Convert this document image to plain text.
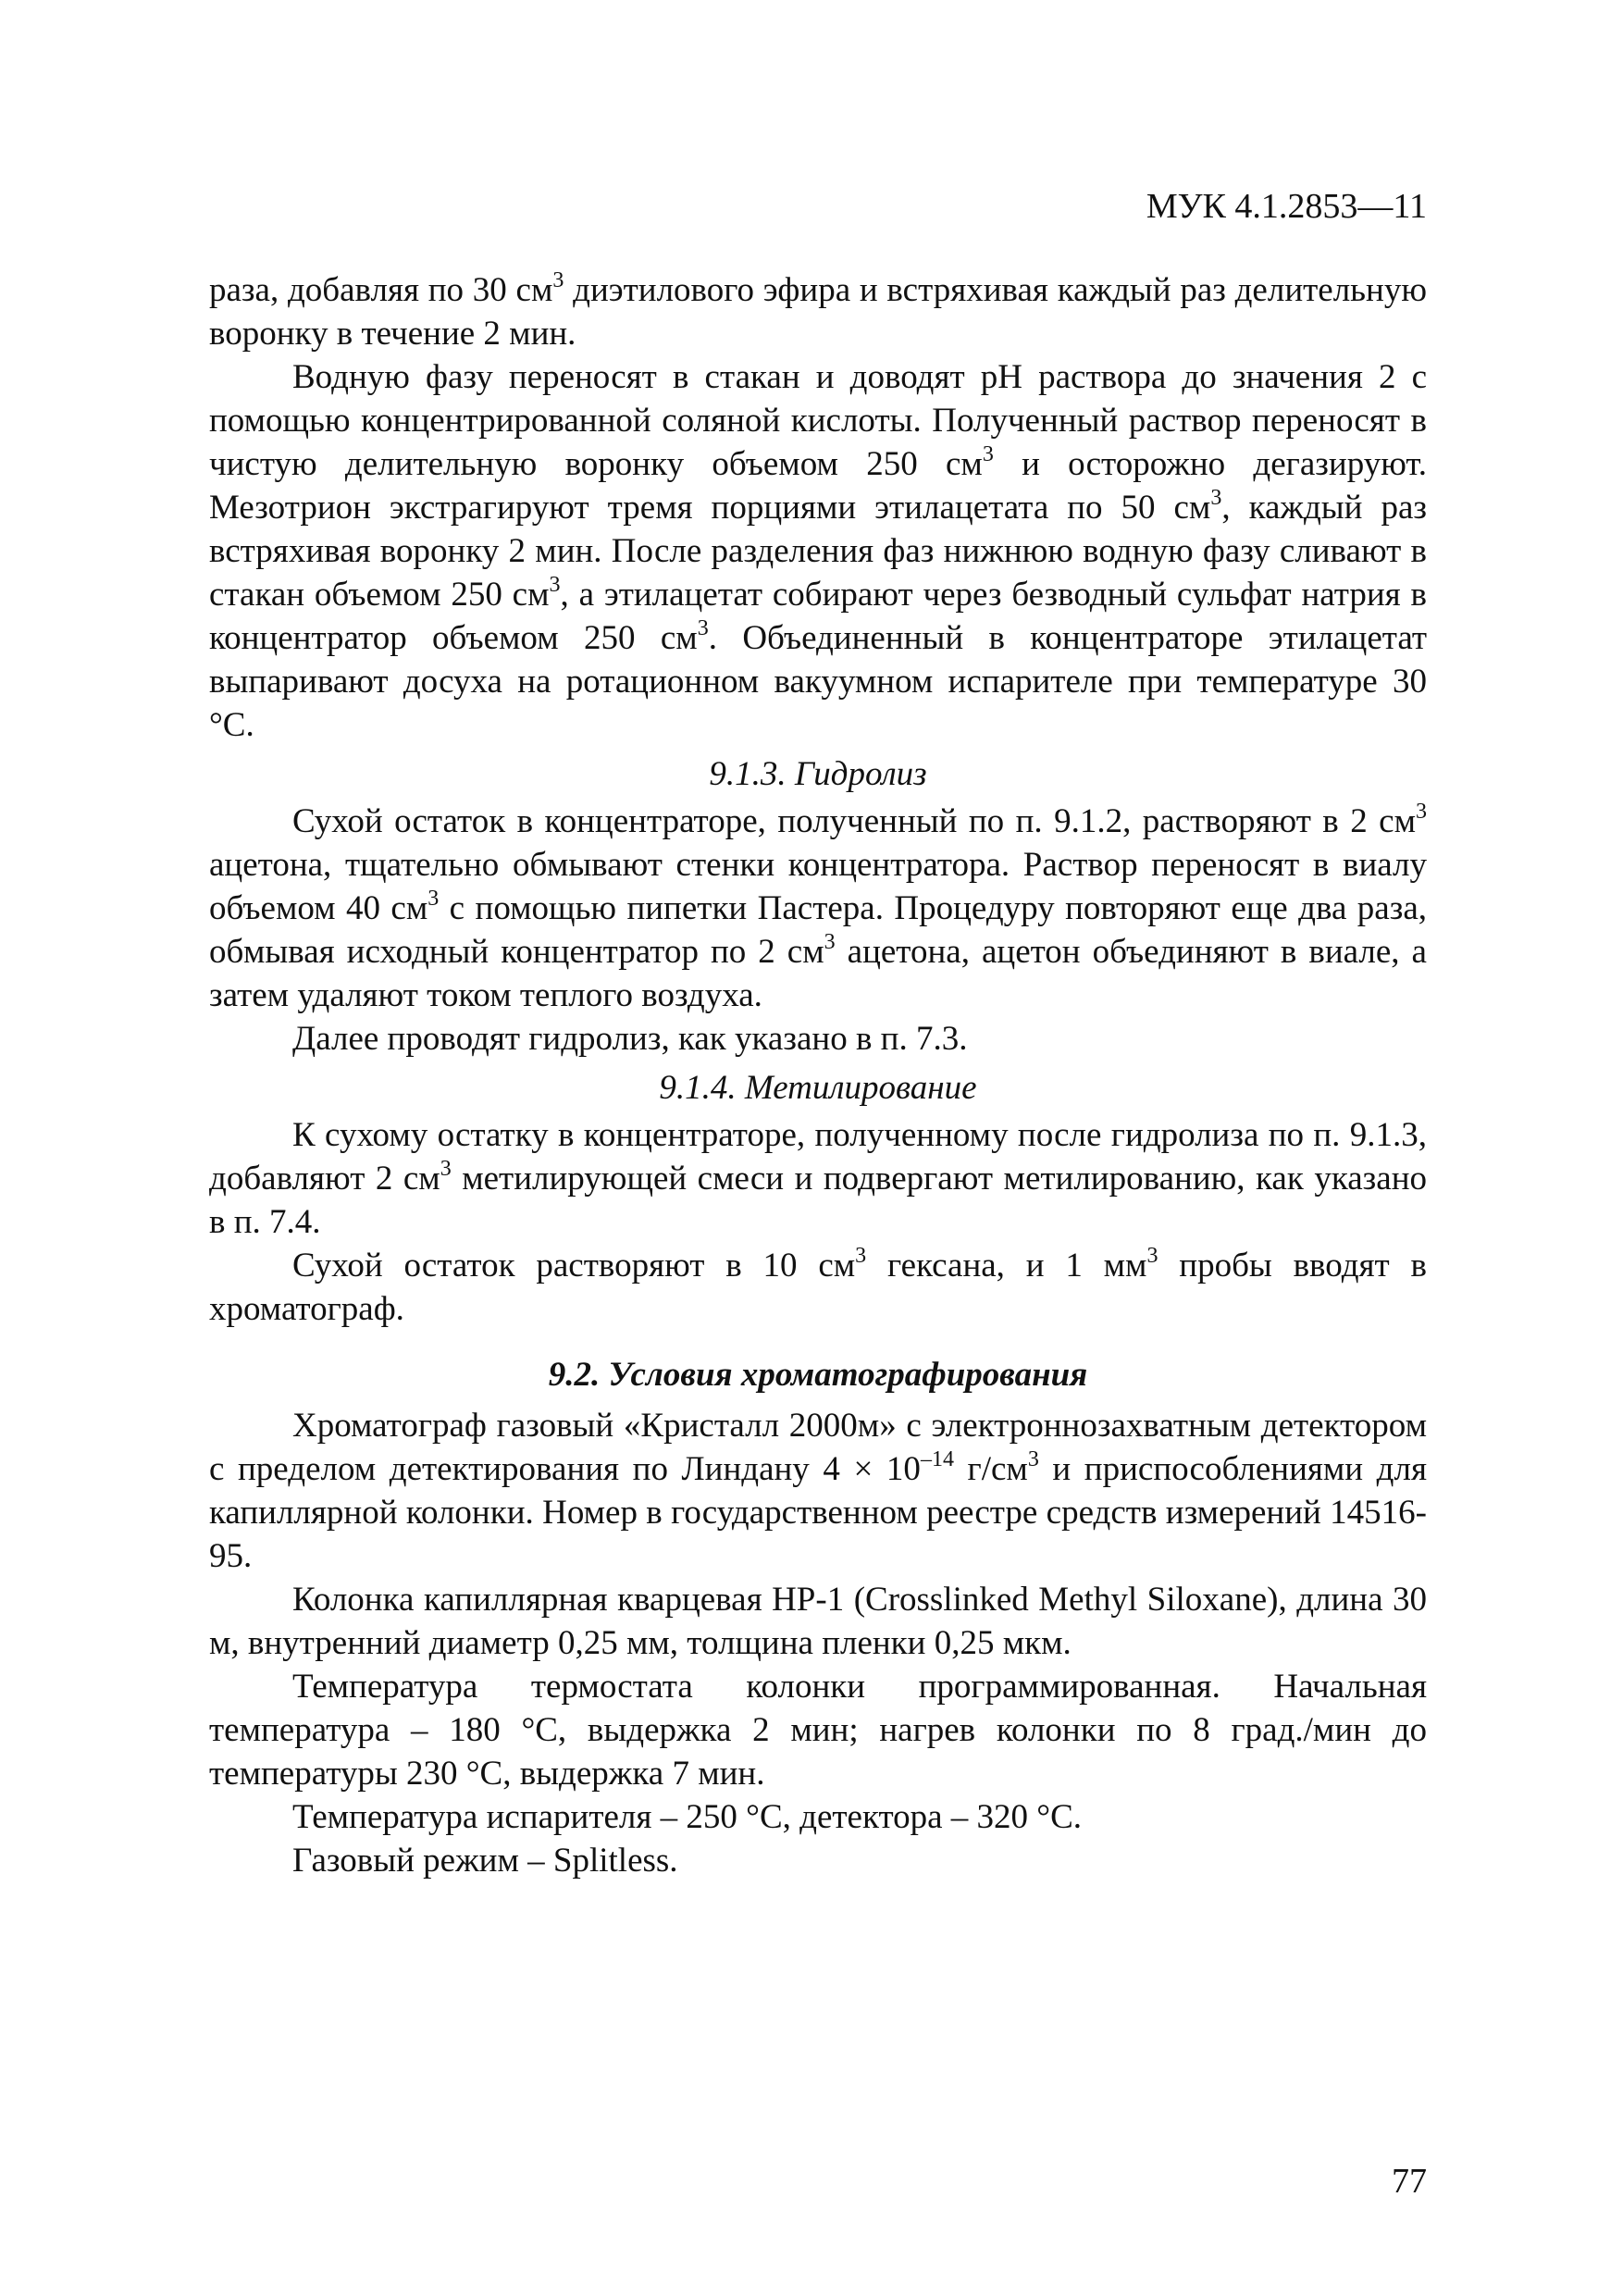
МУК 4.1.2853—11

раза, добавляя по 30 $см^3$ диэтилового эфира и встряхивая каждый раз делительную воронку в течение 2 мин.

Водную фазу переносят в стакан и доводят pH раствора до значения 2 с помощью концентрированной соляной кислоты. Полученный раствор переносят в чистую делительную воронку объемом 250 $см^3$ и осторожно дегазируют. Мезотрион экстрагируют тремя порциями этилацетата по 50 $см^3$, каждый раз встряхивая воронку 2 мин. После разделения фаз нижнюю водную фазу сливают в стакан объемом 250 $см^3$, а этилацетат собирают через безводный сульфат натрия в концентратор объемом 250 $см^3$. Объединенный в концентраторе этилацетат выпаривают досуха на ротационном вакуумном испарителе при температуре 30 °С.

9.1.3. Гидролиз

Сухой остаток в концентраторе, полученный по п. 9.1.2, растворяют в 2 $см^3$ ацетона, тщательно обмывают стенки концентратора. Раствор переносят в виалу объемом 40 $см^3$ с помощью пипетки Пастера. Процедуру повторяют еще два раза, обмывая исходный концентратор по 2 $см^3$ ацетона, ацетон объединяют в виале, а затем удаляют током теплого воздуха.

Далее проводят гидролиз, как указано в п. 7.3.

9.1.4. Метилирование

К сухому остатку в концентраторе, полученному после гидролиза по п. 9.1.3, добавляют 2 $см^3$ метилирующей смеси и подвергают метилированию, как указано в п. 7.4.

Сухой остаток растворяют в 10 $см^3$ гексана, и 1 $мм^3$ пробы вводят в хроматограф.

9.2. Условия хроматографирования

Хроматограф газовый «Кристалл 2000м» с электроннозахватным детектором с пределом детектирования по Линдану $4 \times 10^{-14}$ $г/см^3$ и приспособлениями для капиллярной колонки. Номер в государственном реестре средств измерений 14516-95.

Колонка капиллярная кварцевая HP-1 (Crosslinked Methyl Siloxane), длина 30 м, внутренний диаметр 0,25 мм, толщина пленки 0,25 мкм.

Температура термостата колонки программированная. Начальная температура – 180 °С, выдержка 2 мин; нагрев колонки по 8 град./мин до температуры 230 °С, выдержка 7 мин.

Температура испарителя – 250 °С, детектора – 320 °С.

Газовый режим – Splitless.

77
